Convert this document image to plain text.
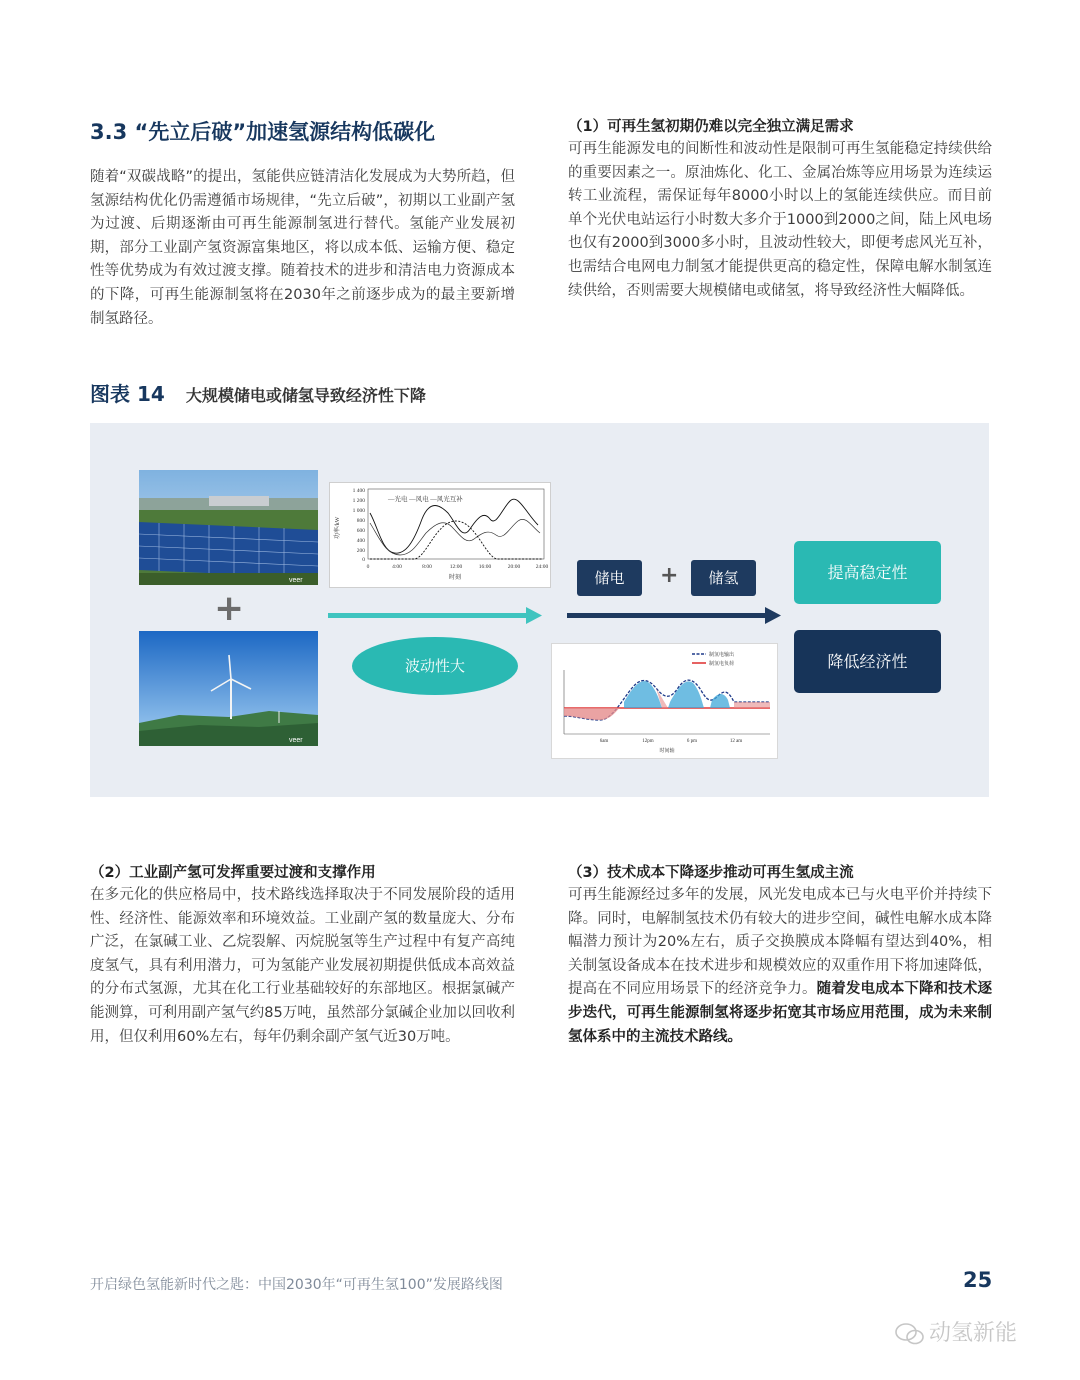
3.3 “先立后破”加速氢源结构低碳化
随着“双碳战略”的提出，氢能供应链清洁化发展成为大势所趋，但氢源结构优化仍需遵循市场规律，“先立后破”，初期以工业副产氢为过渡、后期逐渐由可再生能源制氢进行替代。氢能产业发展初期，部分工业副产氢资源富集地区，将以成本低、运输方便、稳定性等优势成为有效过渡支撑。随着技术的进步和清洁电力资源成本的下降，可再生能源制氢将在2030年之前逐步成为的最主要新增制氢路径。
（1）可再生氢初期仍难以完全独立满足需求
可再生能源发电的间断性和波动性是限制可再生氢能稳定持续供给的重要因素之一。原油炼化、化工、金属冶炼等应用场景为连续运转工业流程，需保证每年8000小时以上的氢能连续供应。而目前单个光伏电站运行小时数大多介于1000到2000之间，陆上风电场也仅有2000到3000多小时，且波动性较大，即便考虑风光互补，也需结合电网电力制氢才能提供更高的稳定性，保障电解水制氢连续供给，否则需要大规模储电或储氢，将导致经济性大幅降低。
图表 14 大规模储电或储氢导致经济性下降
veer
+
veer
—光电 —风电 —风光互补
1 400
1 200
1 000
800
600
400
200
0
功率/kW
0	4:00	8:00	12:00	16:00	20:00	24:00
时刻
波动性大
储电	+	储氢
制氢电输出
制氢电负荷
6am	12pm	6 pm	12 am
时间轴
提高稳定性
降低经济性
（2）工业副产氢可发挥重要过渡和支撑作用
在多元化的供应格局中，技术路线选择取决于不同发展阶段的适用性、经济性、能源效率和环境效益。工业副产氢的数量庞大、分布广泛，在氯碱工业、乙烷裂解、丙烷脱氢等生产过程中有复产高纯度氢气，具有利用潜力，可为氢能产业发展初期提供低成本高效益的分布式氢源，尤其在化工行业基础较好的东部地区。根据氯碱产能测算，可利用副产氢气约85万吨，虽然部分氯碱企业加以回收利用，但仅利用60%左右，每年仍剩余副产氢气近30万吨。
（3）技术成本下降逐步推动可再生氢成主流
可再生能源经过多年的发展，风光发电成本已与火电平价并持续下降。同时，电解制氢技术仍有较大的进步空间，碱性电解水成本降幅潜力预计为20%左右，质子交换膜成本降幅有望达到40%，相关制氢设备成本在技术进步和规模效应的双重作用下将加速降低，提高在不同应用场景下的经济竞争力。随着发电成本下降和技术逐步迭代，可再生能源制氢将逐步拓宽其市场应用范围，成为未来制氢体系中的主流技术路线。
开启绿色氢能新时代之匙：中国2030年“可再生氢100”发展路线图	25
动氢新能
